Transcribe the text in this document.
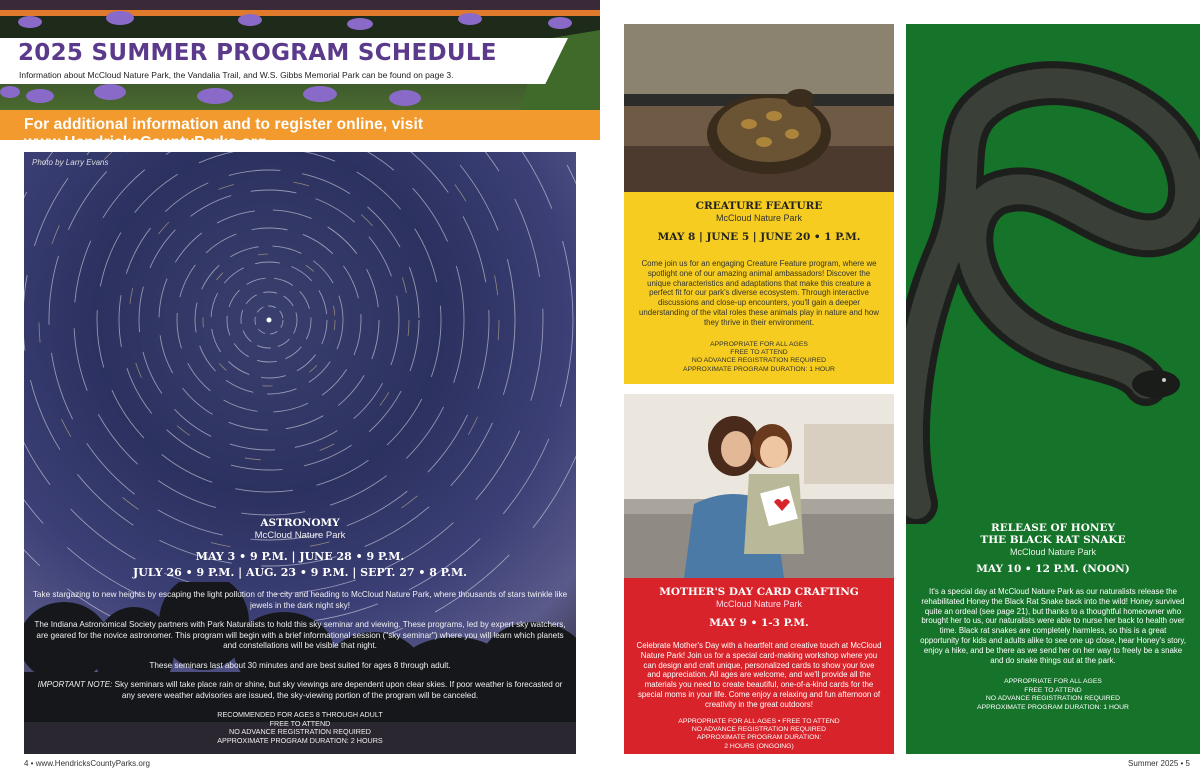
2025 SUMMER PROGRAM SCHEDULE
Information about McCloud Nature Park, the Vandalia Trail, and W.S. Gibbs Memorial Park can be found on page 3.
For additional information and to register online, visit www.HendricksCountyParks.org
Photo by Larry Evans
ASTRONOMY
McCloud Nature Park
MAY 3 • 9 P.M. | JUNE 28 • 9 P.M.
JULY 26 • 9 P.M. | AUG. 23 • 9 P.M. | SEPT. 27 • 8 P.M.

Take stargazing to new heights by escaping the light pollution of the city and heading to McCloud Nature Park, where thousands of stars twinkle like jewels in the dark night sky!

The Indiana Astronomical Society partners with Park Naturalists to hold this sky seminar and viewing. These programs, led by expert sky watchers, are geared for the novice astronomer. This program will begin with a brief informational session ("sky seminar") where you will learn which planets and constellations will be visible that night.

These seminars last about 30 minutes and are best suited for ages 8 through adult.

IMPORTANT NOTE: Sky seminars will take place rain or shine, but sky viewings are dependent upon clear skies. If poor weather is forecasted or any severe weather advisories are issued, the sky-viewing portion of the program will be canceled.

RECOMMENDED FOR AGES 8 THROUGH ADULT
FREE TO ATTEND
NO ADVANCE REGISTRATION REQUIRED
APPROXIMATE PROGRAM DURATION: 2 HOURS
4 • www.HendricksCountyParks.org
CREATURE FEATURE
McCloud Nature Park
MAY 8 | JUNE 5 | JUNE 20 • 1 P.M.
Come join us for an engaging Creature Feature program, where we spotlight one of our amazing animal ambassadors! Discover the unique characteristics and adaptations that make this creature a perfect fit for our park's diverse ecosystem. Through interactive discussions and close-up encounters, you'll gain a deeper understanding of the vital roles these animals play in nature and how they thrive in their environment.
APPROPRIATE FOR ALL AGES
FREE TO ATTEND
NO ADVANCE REGISTRATION REQUIRED
APPROXIMATE PROGRAM DURATION: 1 HOUR
MOTHER'S DAY CARD CRAFTING
McCloud Nature Park
MAY 9 • 1-3 P.M.
Celebrate Mother's Day with a heartfelt and creative touch at McCloud Nature Park! Join us for a special card-making workshop where you can design and craft unique, personalized cards to show your love and appreciation. All ages are welcome, and we'll provide all the materials you need to create beautiful, one-of-a-kind cards for the special moms in your life. Come enjoy a relaxing and fun afternoon of creativity in the great outdoors!
APPROPRIATE FOR ALL AGES • FREE TO ATTEND
NO ADVANCE REGISTRATION REQUIRED
APPROXIMATE PROGRAM DURATION:
2 HOURS (ONGOING)
RELEASE OF HONEY
THE BLACK RAT SNAKE
McCloud Nature Park
MAY 10 • 12 P.M. (NOON)
It's a special day at McCloud Nature Park as our naturalists release the rehabilitated Honey the Black Rat Snake back into the wild! Honey survived quite an ordeal (see page 21), but thanks to a thoughtful homeowner who brought her to us, our naturalists were able to nurse her back to health over time. Black rat snakes are completely harmless, so this is a great opportunity for kids and adults alike to see one up close, hear Honey's story, enjoy a hike, and be there as we send her on her way to freely be a snake and do snake things out at the park.
APPROPRIATE FOR ALL AGES
FREE TO ATTEND
NO ADVANCE REGISTRATION REQUIRED
APPROXIMATE PROGRAM DURATION: 1 HOUR
Summer 2025 • 5
